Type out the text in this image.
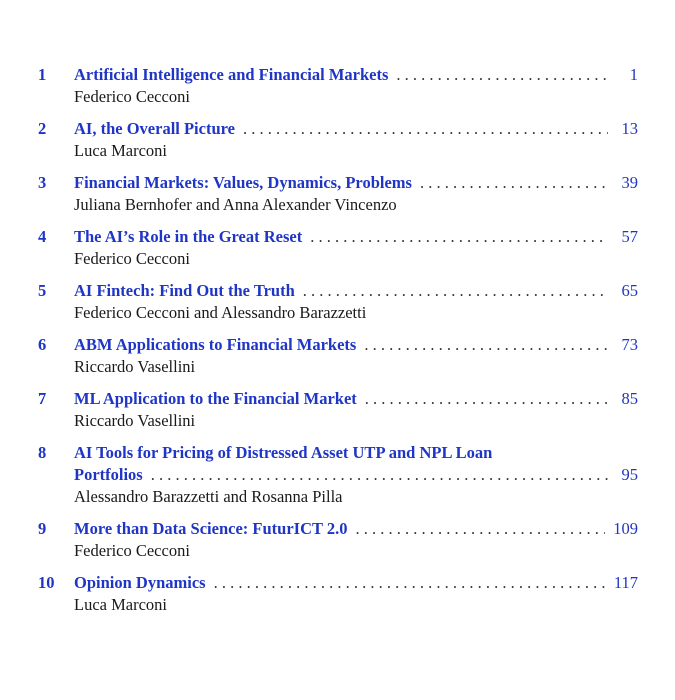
1	Artificial Intelligence and Financial Markets . . .	1
Federico Cecconi
2	AI, the Overall Picture . . .	13
Luca Marconi
3	Financial Markets: Values, Dynamics, Problems . . .	39
Juliana Bernhofer and Anna Alexander Vincenzo
4	The AI’s Role in the Great Reset . . .	57
Federico Cecconi
5	AI Fintech: Find Out the Truth . . .	65
Federico Cecconi and Alessandro Barazzetti
6	ABM Applications to Financial Markets . . .	73
Riccardo Vasellini
7	ML Application to the Financial Market . . .	85
Riccardo Vasellini
8	AI Tools for Pricing of Distressed Asset UTP and NPL Loan
Portfolios . . .	95
Alessandro Barazzetti and Rosanna Pilla
9	More than Data Science: FuturICT 2.0 . . .	109
Federico Cecconi
10	Opinion Dynamics . . .	117
Luca Marconi
